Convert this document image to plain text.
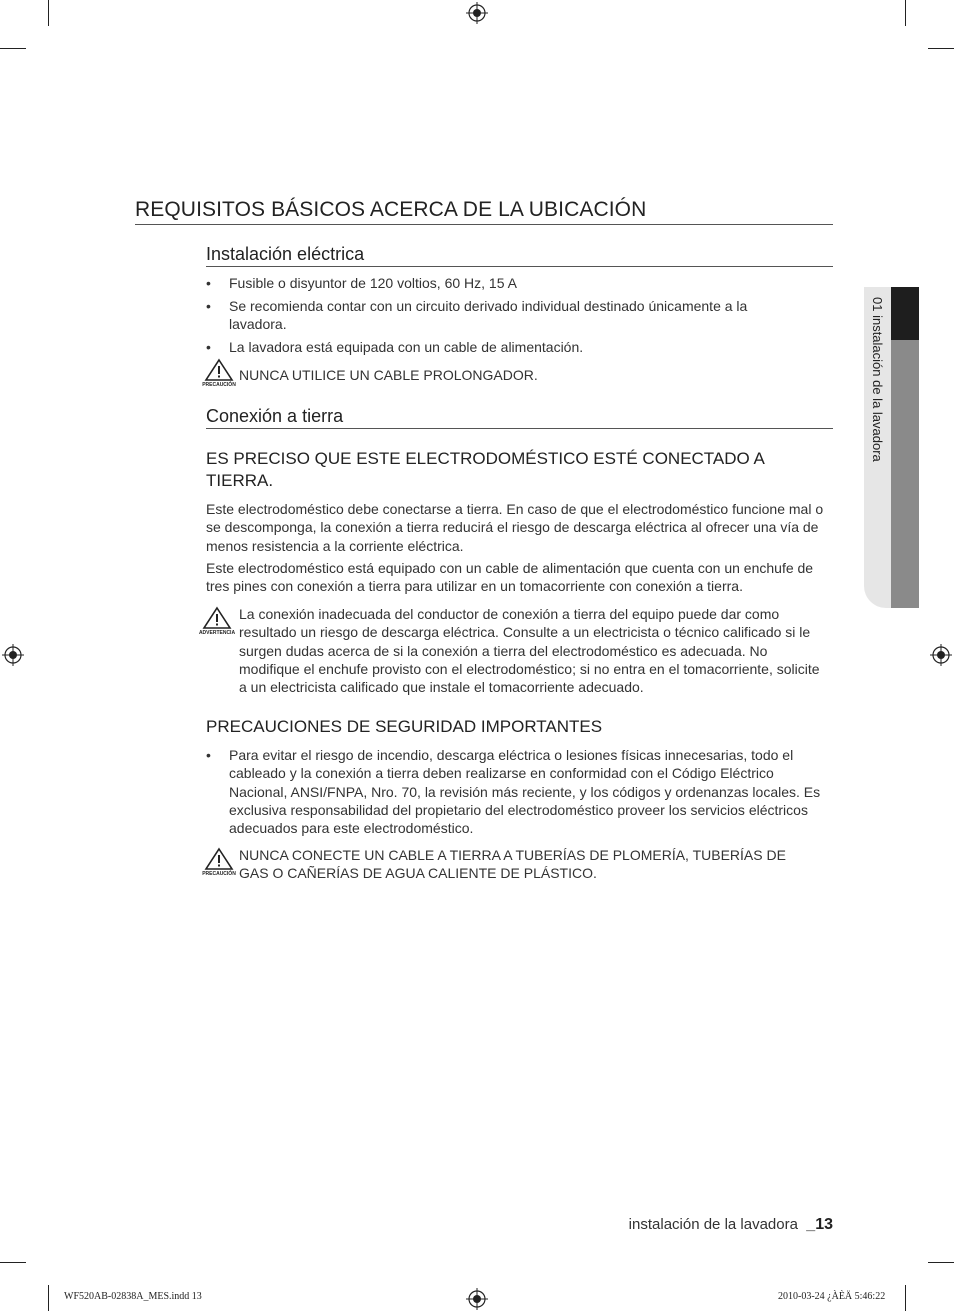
REQUISITOS BÁSICOS ACERCA DE LA UBICACIÓN
Instalación eléctrica
• Fusible o disyuntor de 120 voltios, 60 Hz, 15 A
• Se recomienda contar con un circuito derivado individual destinado únicamente a la lavadora.
• La lavadora está equipada con un cable de alimentación.
PRECAUCIÓN
NUNCA UTILICE UN CABLE PROLONGADOR.
Conexión a tierra
ES PRECISO QUE ESTE ELECTRODOMÉSTICO ESTÉ CONECTADO A TIERRA.
Este electrodoméstico debe conectarse a tierra. En caso de que el electrodoméstico funcione mal o se descomponga, la conexión a tierra reducirá el riesgo de descarga eléctrica al ofrecer una vía de menos resistencia a la corriente eléctrica.
Este electrodoméstico está equipado con un cable de alimentación que cuenta con un enchufe de tres pines con conexión a tierra para utilizar en un tomacorriente con conexión a tierra.
ADVERTENCIA
La conexión inadecuada del conductor de conexión a tierra del equipo puede dar como resultado un riesgo de descarga eléctrica. Consulte a un electricista o técnico calificado si le surgen dudas acerca de si la conexión a tierra del electrodoméstico es adecuada. No modifique el enchufe provisto con el electrodoméstico; si no entra en el tomacorriente, solicite a un electricista calificado que instale el tomacorriente adecuado.
PRECAUCIONES DE SEGURIDAD IMPORTANTES
• Para evitar el riesgo de incendio, descarga eléctrica o lesiones físicas innecesarias, todo el cableado y la conexión a tierra deben realizarse en conformidad con el Código Eléctrico Nacional, ANSI/FNPA, Nro. 70, la revisión más reciente, y los códigos y ordenanzas locales. Es exclusiva responsabilidad del propietario del electrodoméstico proveer los servicios eléctricos adecuados para este electrodoméstico.
PRECAUCIÓN
NUNCA CONECTE UN CABLE A TIERRA A TUBERÍAS DE PLOMERÍA, TUBERÍAS DE GAS O CAÑERÍAS DE AGUA CALIENTE DE PLÁSTICO.
01 instalación de la lavadora
instalación de la lavadora _13
WF520AB-02838A_MES.indd 13	2010-03-24 ¿ÀÈÄ 5:46:22
